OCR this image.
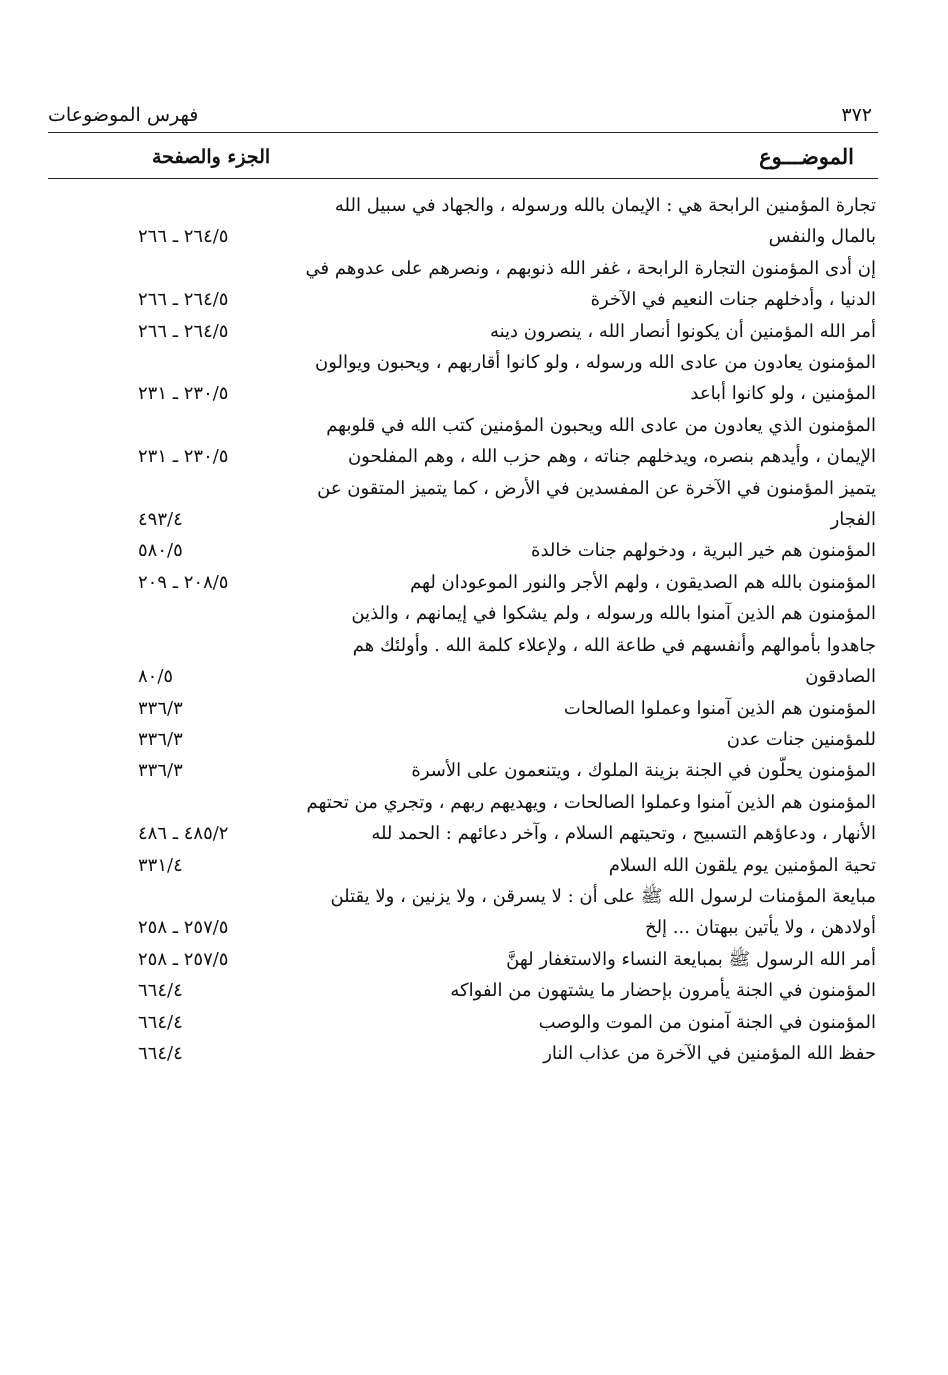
فهرس الموضوعات	٣٧٢
الموضـــوع
الجزء والصفحة
تجارة المؤمنين الرابحة هي : الإيمان بالله ورسوله ، والجهاد في سبيل الله بالمال والنفس
٢٦٤/٥ ـ ٢٦٦
إن أدى المؤمنون التجارة الرابحة ، غفر الله ذنوبهم ، ونصرهم على عدوهم في الدنيا ، وأدخلهم جنات النعيم في الآخرة
٢٦٤/٥ ـ ٢٦٦
أمر الله المؤمنين أن يكونوا أنصار الله ، ينصرون دينه
٢٦٤/٥ ـ ٢٦٦
المؤمنون يعادون من عادى الله ورسوله ، ولو كانوا أقاربهم ، ويحبون ويوالون المؤمنين ، ولو كانوا أباعد
٢٣٠/٥ ـ ٢٣١
المؤمنون الذي يعادون من عادى الله ويحبون المؤمنين كتب الله في قلوبهم الإيمان ، وأيدهم بنصره، ويدخلهم جناته ، وهم حزب الله ، وهم المفلحون
٢٣٠/٥ ـ ٢٣١
يتميز المؤمنون في الآخرة عن المفسدين في الأرض ، كما يتميز المتقون عن الفجار
٤٩٣/٤
المؤمنون هم خير البرية ، ودخولهم جنات خالدة
٥٨٠/٥
المؤمنون بالله هم الصديقون ، ولهم الأجر والنور الموعودان لهم
٢٠٨/٥ ـ ٢٠٩
المؤمنون هم الذين آمنوا بالله ورسوله ، ولم يشكوا في إيمانهم ، والذين جاهدوا بأموالهم وأنفسهم في طاعة الله ، ولإعلاء كلمة الله . وأولئك هم الصادقون
٨٠/٥
المؤمنون هم الذين آمنوا وعملوا الصالحات
٣٣٦/٣
للمؤمنين جنات عدن
٣٣٦/٣
المؤمنون يحلّون في الجنة بزينة الملوك ، ويتنعمون على الأسرة
٣٣٦/٣
المؤمنون هم الذين آمنوا وعملوا الصالحات ، ويهديهم ربهم ، وتجري من تحتهم الأنهار ، ودعاؤهم التسبيح ، وتحيتهم السلام ، وآخر دعائهم : الحمد لله
٤٨٥/٢ ـ ٤٨٦
تحية المؤمنين يوم يلقون الله السلام
٣٣١/٤
مبايعة المؤمنات لرسول الله ﷺ على أن : لا يسرقن ، ولا يزنين ، ولا يقتلن أولادهن ، ولا يأتين ببهتان ... إلخ
٢٥٧/٥ ـ ٢٥٨
أمر الله الرسول ﷺ بمبايعة النساء والاستغفار لهنَّ
٢٥٧/٥ ـ ٢٥٨
المؤمنون في الجنة يأمرون بإحضار ما يشتهون من الفواكه
٦٦٤/٤
المؤمنون في الجنة آمنون من الموت والوصب
٦٦٤/٤
حفظ الله المؤمنين في الآخرة من عذاب النار
٦٦٤/٤
